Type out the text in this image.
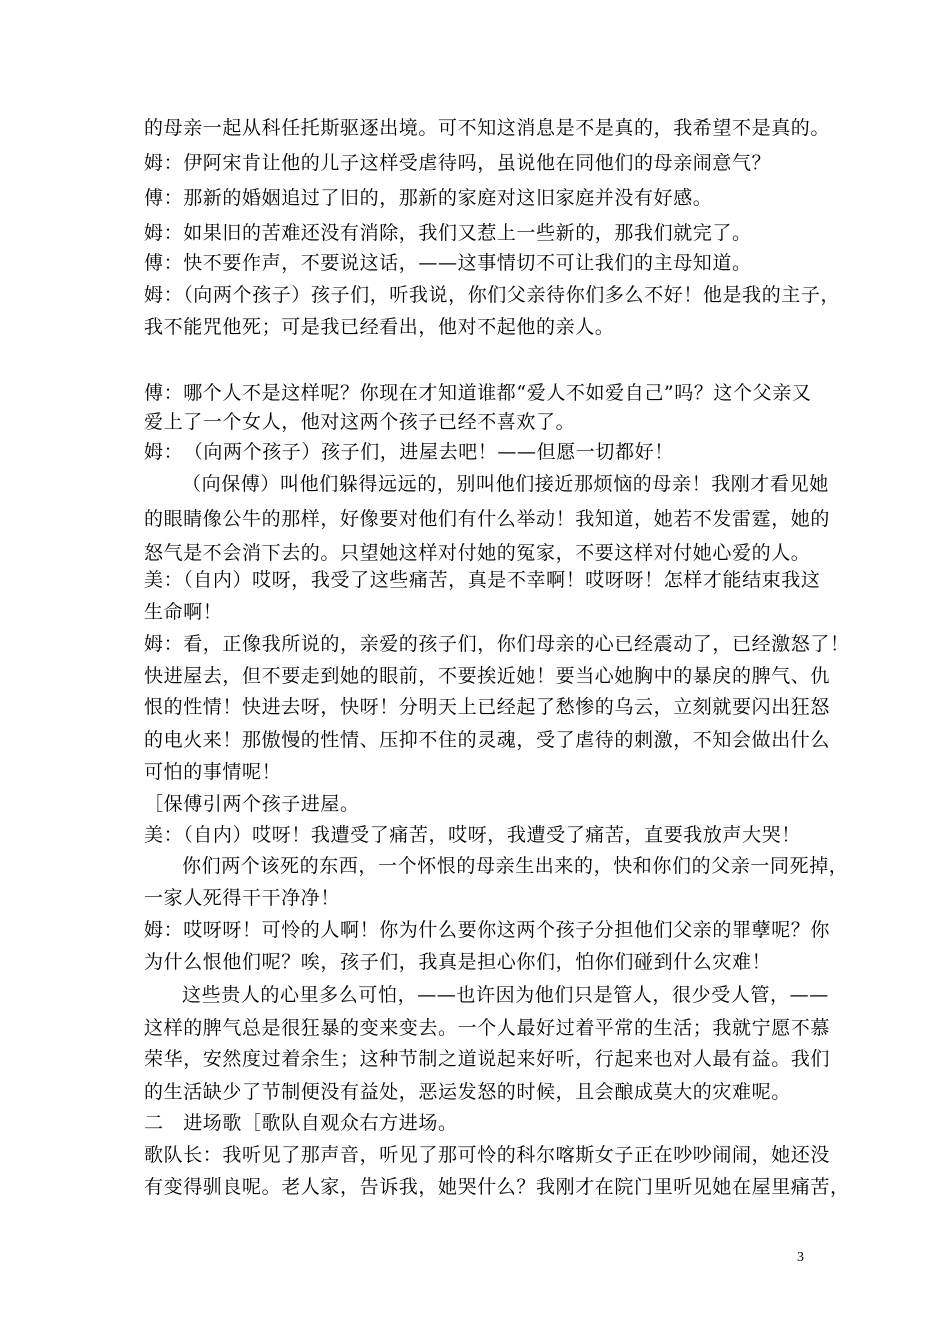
的母亲一起从科任托斯驱逐出境。可不知这消息是不是真的，我希望不是真的。
姆：伊阿宋肯让他的儿子这样受虐待吗，虽说他在同他们的母亲闹意气？
傅：那新的婚姻追过了旧的，那新的家庭对这旧家庭并没有好感。
姆：如果旧的苦难还没有消除，我们又惹上一些新的，那我们就完了。
傅：快不要作声，不要说这话，——这事情切不可让我们的主母知道。
姆：（向两个孩子）孩子们，听我说，你们父亲待你们多么不好！他是我的主子，
我不能咒他死；可是我已经看出，他对不起他的亲人。
傅：哪个人不是这样呢？你现在才知道谁都“爱人不如爱自己”吗？这个父亲又
爱上了一个女人，他对这两个孩子已经不喜欢了。
姆：　（向两个孩子）孩子们，进屋去吧！——但愿一切都好！
（向保傅）叫他们躲得远远的，别叫他们接近那烦恼的母亲！我刚才看见她
的眼睛像公牛的那样，好像要对他们有什么举动！我知道，她若不发雷霆，她的
怒气是不会消下去的。只望她这样对付她的冤家，不要这样对付她心爱的人。
美：（自内）哎呀，我受了这些痛苦，真是不幸啊！哎呀呀！怎样才能结束我这
生命啊！
姆：看，正像我所说的，亲爱的孩子们，你们母亲的心已经震动了，已经激怒了！
快进屋去，但不要走到她的眼前，不要挨近她！要当心她胸中的暴戾的脾气、仇
恨的性情！快进去呀，快呀！分明天上已经起了愁惨的乌云，立刻就要闪出狂怒
的电火来！那傲慢的性情、压抑不住的灵魂，受了虐待的刺激，不知会做出什么
可怕的事情呢！
［保傅引两个孩子进屋。
美：（自内）哎呀！我遭受了痛苦，哎呀，我遭受了痛苦，直要我放声大哭！
你们两个该死的东西，一个怀恨的母亲生出来的，快和你们的父亲一同死掉，
一家人死得干干净净！
姆：哎呀呀！可怜的人啊！你为什么要你这两个孩子分担他们父亲的罪孽呢？你
为什么恨他们呢？唉，孩子们，我真是担心你们，怕你们碰到什么灾难！
这些贵人的心里多么可怕，——也许因为他们只是管人，很少受人管，——
这样的脾气总是很狂暴的变来变去。一个人最好过着平常的生活；我就宁愿不慕
荣华，安然度过着余生；这种节制之道说起来好听，行起来也对人最有益。我们
的生活缺少了节制便没有益处，恶运发怒的时候，且会酿成莫大的灾难呢。
二　进场歌［歌队自观众右方进场。
歌队长：我听见了那声音，听见了那可怜的科尔喀斯女子正在吵吵闹闹，她还没
有变得驯良呢。老人家，告诉我，她哭什么？我刚才在院门里听见她在屋里痛苦，
3
